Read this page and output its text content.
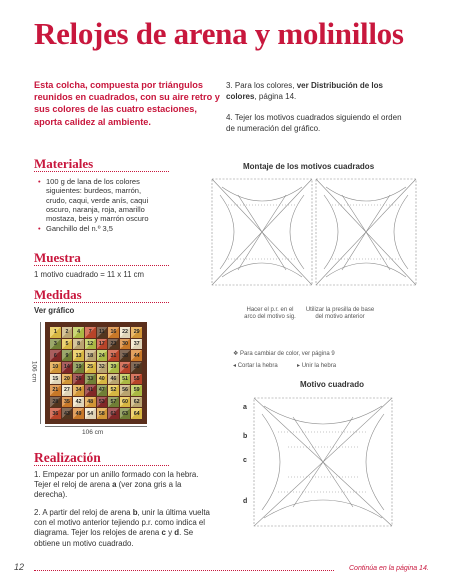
Relojes de arena y molinillos
Esta colcha, compuesta por triángulos reunidos en cuadrados, con su aire retro y sus colores de las cuatro estaciones, aporta calidez al ambiente.
3. Para los colores, ver Distribución de los colores, página 14.
4. Tejer los motivos cuadrados siguiendo el orden de numeración del gráfico.
Materiales
• 100 g de lana de los colores siguientes: burdeos, marrón, crudo, caqui, verde anís, caqui oscuro, naranja, roja, amarillo mostaza, beis y marrón oscuro
• Ganchillo del n.º 3,5
Muestra
1 motivo cuadrado = 11 x 11 cm
Medidas
Ver gráfico
1	2	4	7	11	16	22	29
3	5	8	12	17	23	30	37
6	9	13	18	24	31	38	44
10	14	19	25	32	39	45	50
15	20	26	33	40	46	51	55
21	27	34	41	47	52	56	59
28	35	42	48	53	57	60	62
36	43	49	54	58	61	63	64
106 cm
106 cm
Montaje de los motivos cuadrados
Hacer el p.r. en el arco del motivo sig.
Utilizar la presilla de base del motivo anterior
❖ Para cambiar de color, ver página 9
◂ Cortar la hebra	▸ Unir la hebra
Motivo cuadrado
a
b
c
d
Realización
1. Empezar por un anillo formado con la hebra. Tejer el reloj de arena a (ver zona gris a la derecha).
2. A partir del reloj de arena b, unir la última vuelta con el motivo anterior tejiendo p.r. como indica el diagrama. Tejer los relojes de arena c y d. Se obtiene un motivo cuadrado.
12	Continúa en la página 14.
